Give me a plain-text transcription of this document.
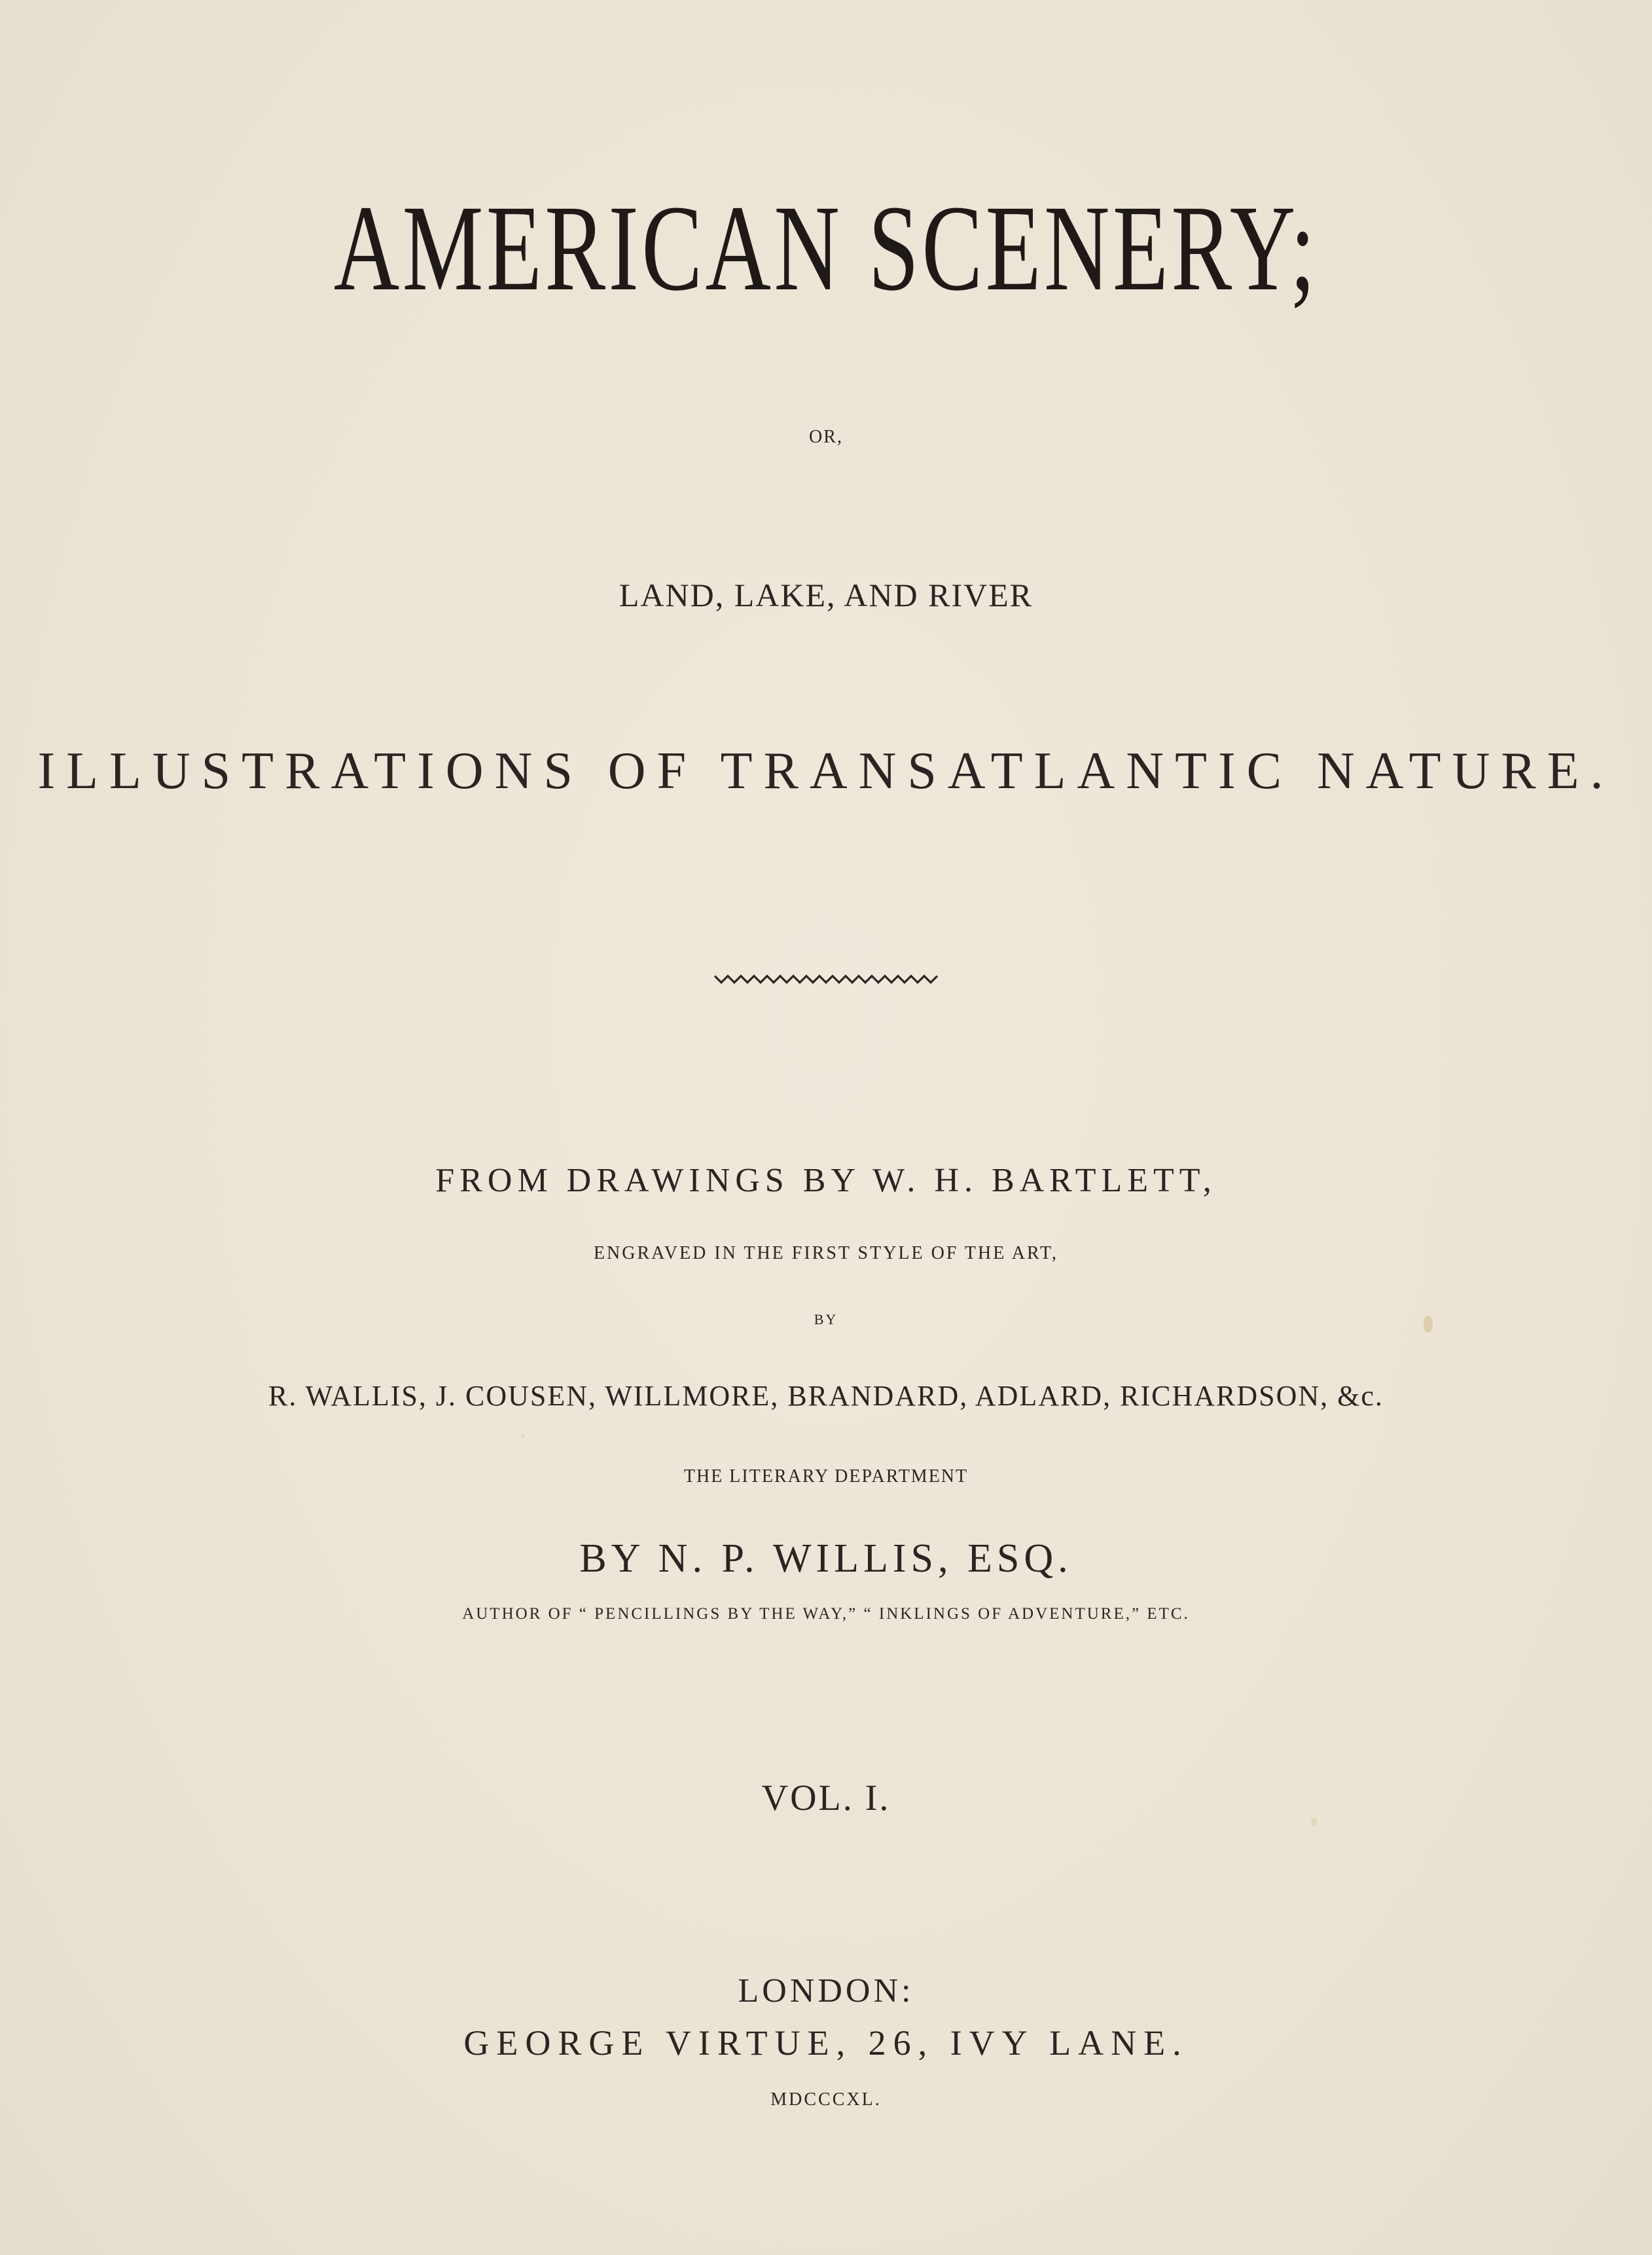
AMERICAN SCENERY;

OR,

LAND, LAKE, AND RIVER

ILLUSTRATIONS OF TRANSATLANTIC NATURE.

FROM DRAWINGS BY W. H. BARTLETT,

ENGRAVED IN THE FIRST STYLE OF THE ART,

BY

R. WALLIS, J. COUSEN, WILLMORE, BRANDARD, ADLARD, RICHARDSON, &c.

THE LITERARY DEPARTMENT

BY N. P. WILLIS, ESQ.

AUTHOR OF “ PENCILLINGS BY THE WAY,” “ INKLINGS OF ADVENTURE,” ETC.

VOL. I.

LONDON:

GEORGE VIRTUE, 26, IVY LANE.

MDCCCXL.
